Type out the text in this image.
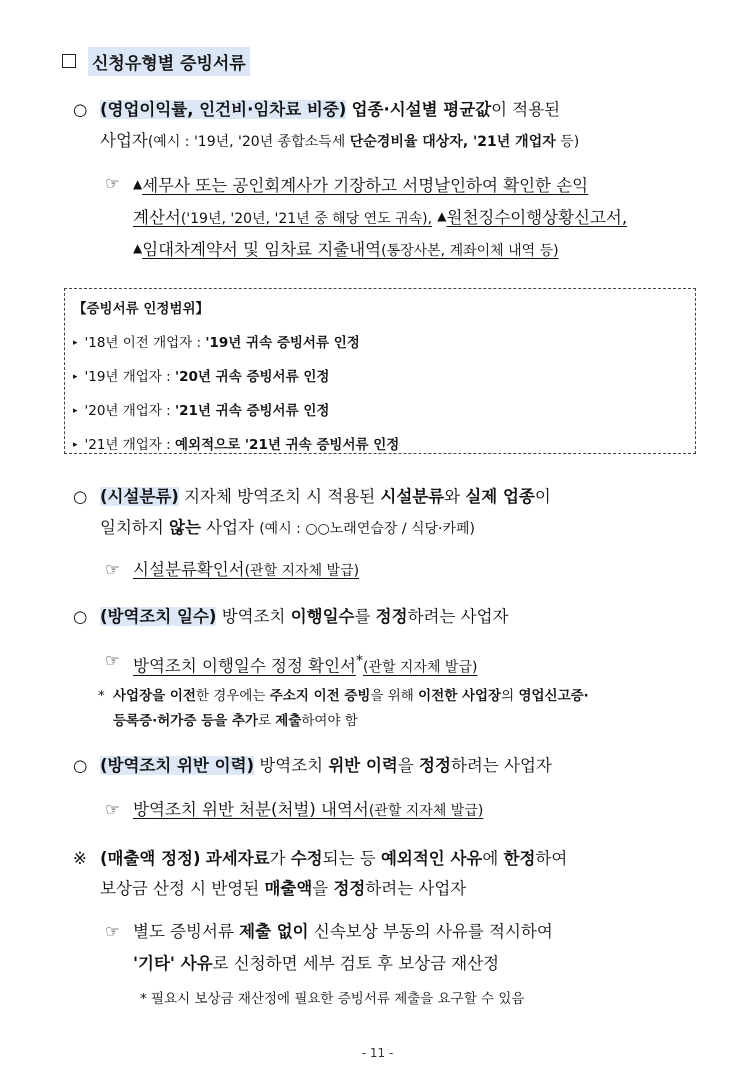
신청유형별 증빙서류
○ (영업이익률, 인건비·임차료 비중) 업종·시설별 평균값이 적용된
사업자(예시 : '19년, '20년 종합소득세 단순경비율 대상자, '21년 개업자 등)
☞ ▲세무사 또는 공인회계사가 기장하고 서명날인하여 확인한 손익
계산서('19년, '20년, '21년 중 해당 연도 귀속), ▲원천징수이행상황신고서,
▲임대차계약서 및 임차료 지출내역(통장사본, 계좌이체 내역 등)
【증빙서류 인정범위】
▸ '18년 이전 개업자 : '19년 귀속 증빙서류 인정
▸ '19년 개업자 : '20년 귀속 증빙서류 인정
▸ '20년 개업자 : '21년 귀속 증빙서류 인정
▸ '21년 개업자 : 예외적으로 '21년 귀속 증빙서류 인정
○ (시설분류) 지자체 방역조치 시 적용된 시설분류와 실제 업종이
일치하지 않는 사업자 (예시 : ○○노래연습장 / 식당·카페)
☞ 시설분류확인서(관할 지자체 발급)
○ (방역조치 일수) 방역조치 이행일수를 정정하려는 사업자
☞ 방역조치 이행일수 정정 확인서*(관할 지자체 발급)
* 사업장을 이전한 경우에는 주소지 이전 증빙을 위해 이전한 사업장의 영업신고증·
등록증·허가증 등을 추가로 제출하여야 함
○ (방역조치 위반 이력) 방역조치 위반 이력을 정정하려는 사업자
☞ 방역조치 위반 처분(처벌) 내역서(관할 지자체 발급)
※ (매출액 정정) 과세자료가 수정되는 등 예외적인 사유에 한정하여
보상금 산정 시 반영된 매출액을 정정하려는 사업자
☞ 별도 증빙서류 제출 없이 신속보상 부동의 사유를 적시하여
'기타' 사유로 신청하면 세부 검토 후 보상금 재산정
* 필요시 보상금 재산정에 필요한 증빙서류 제출을 요구할 수 있음
- 11 -
